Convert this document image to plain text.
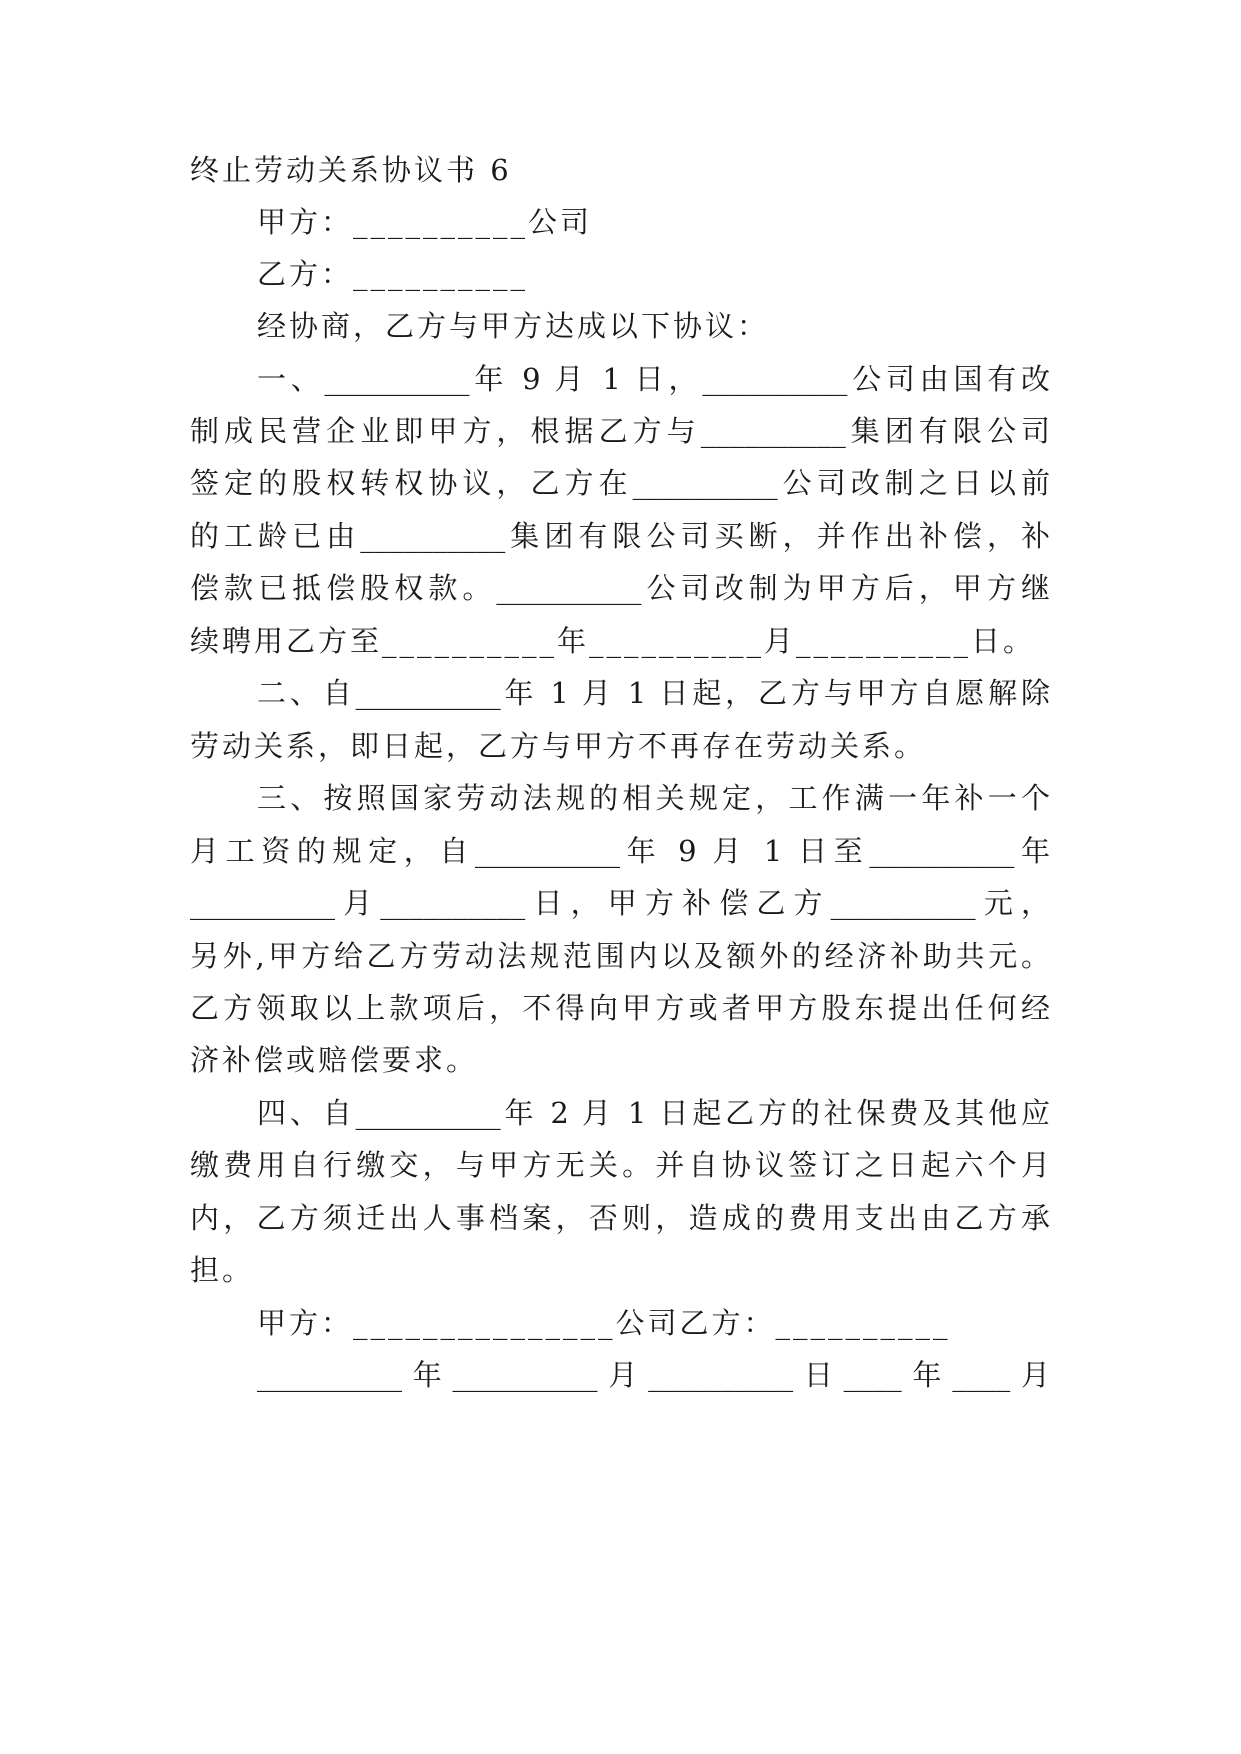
终止劳动关系协议书 6
甲方：__________公司
乙方：__________
经协商，乙方与甲方达成以下协议：
一、__________年 9 月 1 日，__________公司由国有改
制成民营企业即甲方，根据乙方与__________集团有限公司
签定的股权转权协议，乙方在__________公司改制之日以前
的工龄已由__________集团有限公司买断，并作出补偿，补
偿款已抵偿股权款。__________公司改制为甲方后，甲方继
续聘用乙方至__________年__________月__________日。
二、自__________年 1 月 1 日起，乙方与甲方自愿解除
劳动关系，即日起，乙方与甲方不再存在劳动关系。
三、按照国家劳动法规的相关规定，工作满一年补一个
月工资的规定，自__________年 9 月 1 日至__________年
__________月__________日，甲方补偿乙方__________元，
另外,甲方给乙方劳动法规范围内以及额外的经济补助共元。
乙方领取以上款项后，不得向甲方或者甲方股东提出任何经
济补偿或赔偿要求。
四、自__________年 2 月 1 日起乙方的社保费及其他应
缴费用自行缴交，与甲方无关。并自协议签订之日起六个月
内，乙方须迁出人事档案，否则，造成的费用支出由乙方承
担。
甲方：_______________公司乙方：__________
__________年__________月__________日____年____月
